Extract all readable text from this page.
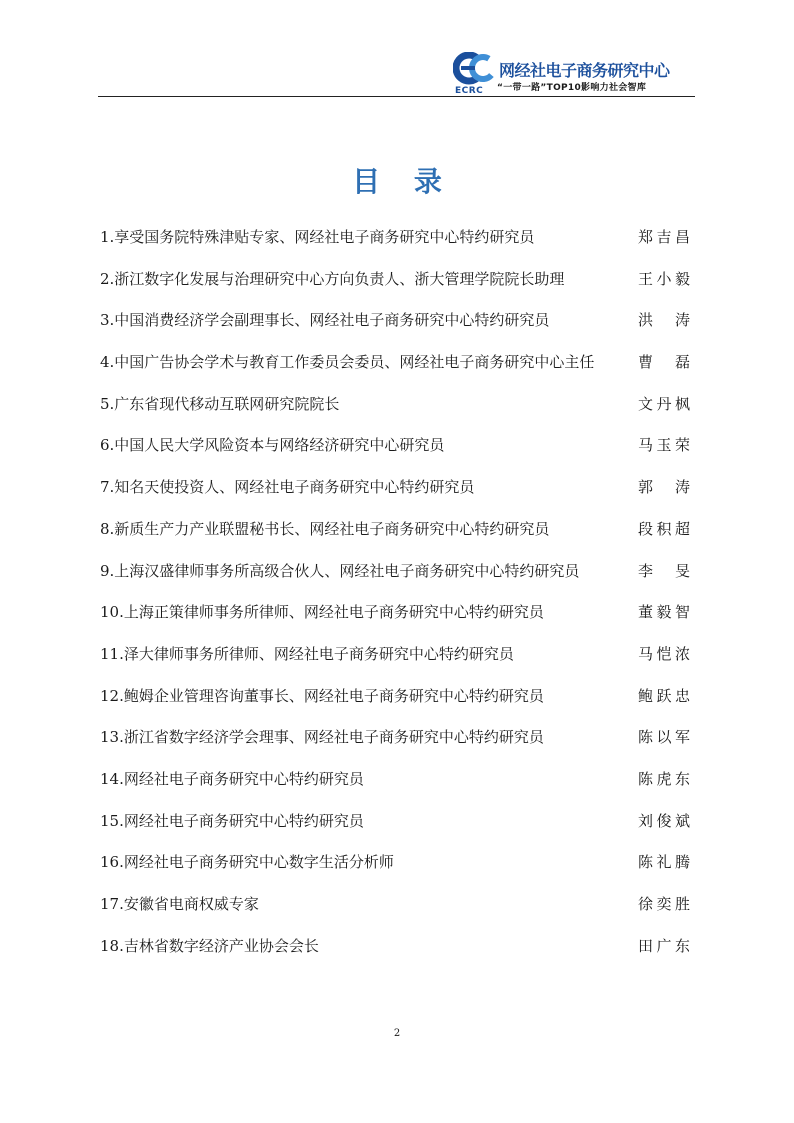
ECRC
网经社电子商务研究中心
“一带一路”TOP10影响力社会智库
目 录
1.享受国务院特殊津贴专家、网经社电子商务研究中心特约研究员	郑吉昌
2.浙江数字化发展与治理研究中心方向负责人、浙大管理学院院长助理	王小毅
3.中国消费经济学会副理事长、网经社电子商务研究中心特约研究员	洪 涛
4.中国广告协会学术与教育工作委员会委员、网经社电子商务研究中心主任	曹 磊
5.广东省现代移动互联网研究院院长	文丹枫
6.中国人民大学风险资本与网络经济研究中心研究员	马玉荣
7.知名天使投资人、网经社电子商务研究中心特约研究员	郭 涛
8.新质生产力产业联盟秘书长、网经社电子商务研究中心特约研究员	段积超
9.上海汉盛律师事务所高级合伙人、网经社电子商务研究中心特约研究员	李 旻
10.上海正策律师事务所律师、网经社电子商务研究中心特约研究员	董毅智
11.泽大律师事务所律师、网经社电子商务研究中心特约研究员	马恺浓
12.鲍姆企业管理咨询董事长、网经社电子商务研究中心特约研究员	鲍跃忠
13.浙江省数字经济学会理事、网经社电子商务研究中心特约研究员	陈以军
14.网经社电子商务研究中心特约研究员	陈虎东
15.网经社电子商务研究中心特约研究员	刘俊斌
16.网经社电子商务研究中心数字生活分析师	陈礼腾
17.安徽省电商权威专家	徐奕胜
18.吉林省数字经济产业协会会长	田广东
2
